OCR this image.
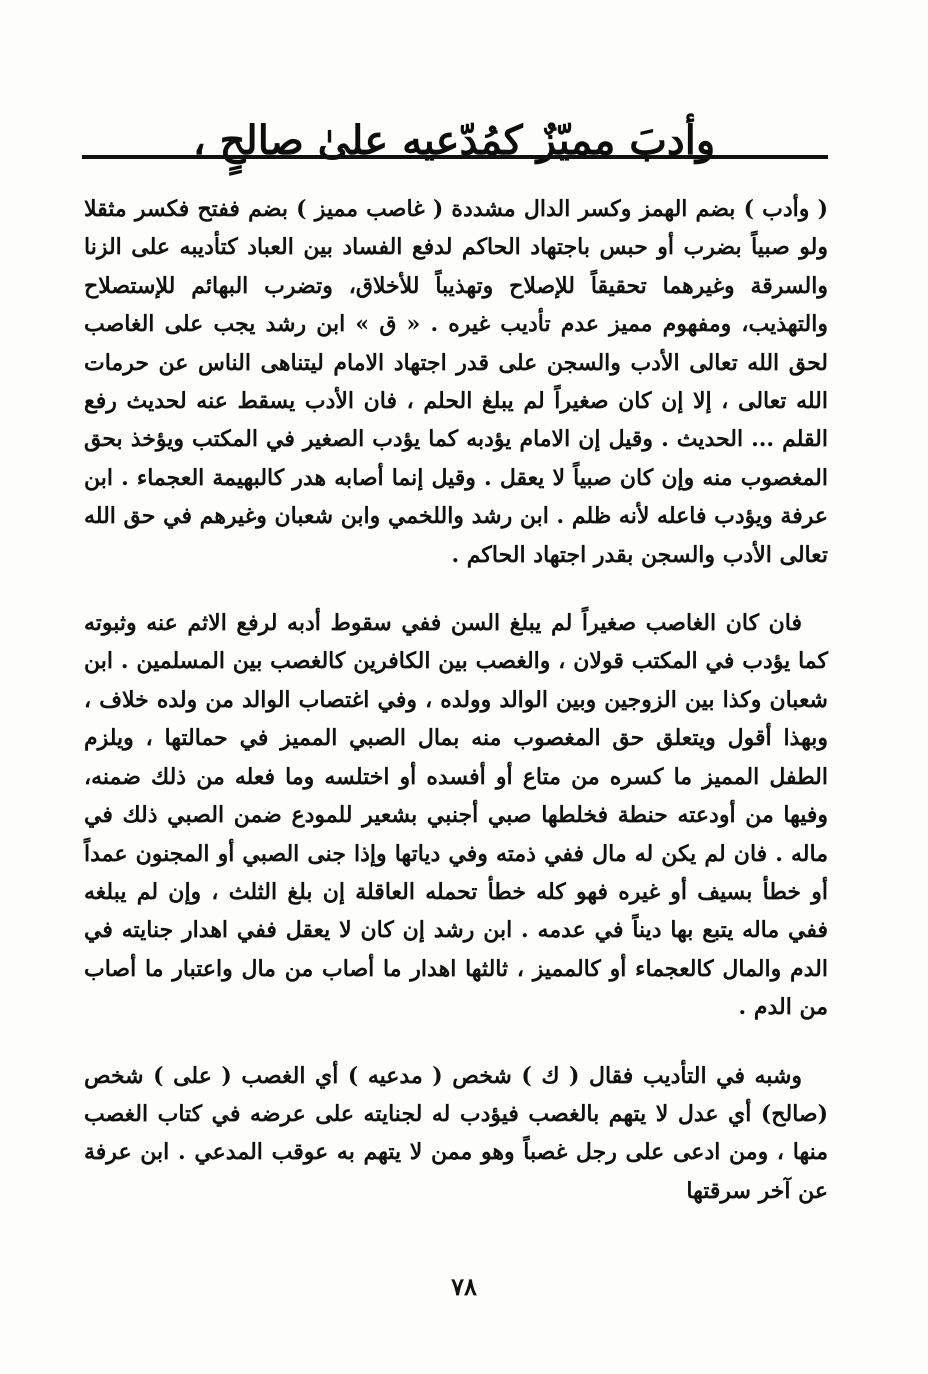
وأدبَ مميّزٌ كمُدّعيه علىٰ صالحٍ ،

( وأدب ) بضم الهمز وكسر الدال مشددة ( غاصب مميز ) بضم ففتح فكسر مثقلا ولو صبياً بضرب أو حبس باجتهاد الحاكم لدفع الفساد بين العباد كتأديبه على الزنا والسرقة وغيرهما تحقيقاً للإصلاح وتهذيباً للأخلاق، وتضرب البهائم للإستصلاح والتهذيب، ومفهوم مميز عدم تأديب غيره . « ق » ابن رشد يجب على الغاصب لحق الله تعالى الأدب والسجن على قدر اجتهاد الامام ليتناهى الناس عن حرمات الله تعالى ، إلا إن كان صغيراً لم يبلغ الحلم ، فان الأدب يسقط عنه لحديث رفع القلم ... الحديث . وقيل إن الامام يؤدبه كما يؤدب الصغير في المكتب ويؤخذ بحق المغصوب منه وإن كان صبياً لا يعقل . وقيل إنما أصابه هدر كالبهيمة العجماء . ابن عرفة ويؤدب فاعله لأنه ظلم . ابن رشد واللخمي وابن شعبان وغيرهم في حق الله تعالى الأدب والسجن بقدر اجتهاد الحاكم .

فان كان الغاصب صغيراً لم يبلغ السن ففي سقوط أدبه لرفع الاثم عنه وثبوته كما يؤدب في المكتب قولان ، والغصب بين الكافرين كالغصب بين المسلمين . ابن شعبان وكذا بين الزوجين وبين الوالد وولده ، وفي اغتصاب الوالد من ولده خلاف ، وبهذا أقول ويتعلق حق المغصوب منه بمال الصبي المميز في حمالتها ، ويلزم الطفل المميز ما كسره من متاع أو أفسده أو اختلسه وما فعله من ذلك ضمنه، وفيها من أودعته حنطة فخلطها صبي أجنبي بشعير للمودع ضمن الصبي ذلك في ماله . فان لم يكن له مال ففي ذمته وفي دياتها وإذا جنى الصبي أو المجنون عمداً أو خطأ بسيف أو غيره فهو كله خطأ تحمله العاقلة إن بلغ الثلث ، وإن لم يبلغه ففي ماله يتبع بها ديناً في عدمه . ابن رشد إن كان لا يعقل ففي اهدار جنايته في الدم والمال كالعجماء أو كالمميز ، ثالثها اهدار ما أصاب من مال واعتبار ما أصاب من الدم .

وشبه في التأديب فقال ( ك ) شخص ( مدعيه ) أي الغصب ( على ) شخص (صالح) أي عدل لا يتهم بالغصب فيؤدب له لجنايته على عرضه في كتاب الغصب منها ، ومن ادعى على رجل غصباً وهو ممن لا يتهم به عوقب المدعي . ابن عرفة عن آخر سرقتها

٧٨
